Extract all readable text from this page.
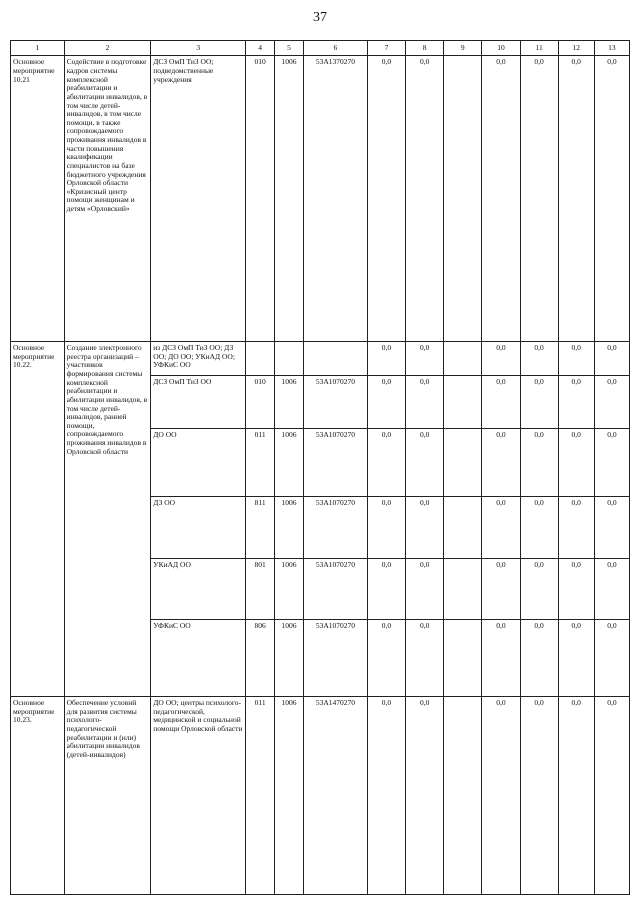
37
1	2	3	4	5	6	7	8	9	10	11	12	13
Основное мероприятие 10.21	Содействие в подготовке кадров системы комплексной реабилитации и абилитации инвалидов, в том числе детей-инвалидов, в том числе помощи, в также сопровождаемого проживания инвалидов в части повышения квалификации специалистов на базе бюджетного учреждения Орловской области «Кризисный центр помощи женщинам и детям «Орловский»	ДСЗ ОмП ТиЗ ОО; подведомственные учреждения	010	1006	53А1370270	0,0	0,0		0,0	0,0	0,0	0,0
Основное мероприятие 10.22.	Создание электронного реестра организаций – участников формирования системы комплексной реабилитации и абилитации инвалидов, в том числе детей-инвалидов, ранней помощи, сопровождаемого проживания инвалидов в Орловской области	из ДСЗ ОмП ТиЗ ОО; ДЗ ОО; ДО ОО; УКиАД ОО; УФКиС ОО				0,0	0,0		0,0	0,0	0,0	0,0
		ДСЗ ОмП ТиЗ ОО	010	1006	53А1070270	0,0	0,0		0,0	0,0	0,0	0,0
		ДО ОО	011	1006	53А1070270	0,0	0,0		0,0	0,0	0,0	0,0
		ДЗ ОО	811	1006	53А1070270	0,0	0,0		0,0	0,0	0,0	0,0
		УКиАД ОО	801	1006	53А1070270	0,0	0,0		0,0	0,0	0,0	0,0
		УФКиС ОО	806	1006	53А1070270	0,0	0,0		0,0	0,0	0,0	0,0
Основное мероприятие 10.23.	Обеспечение условий для развития системы психолого-педагогической реабилитации и (или) абилитации инвалидов (детей-инвалидов)	ДО ОО; центры психолого-педагогической, медицинской и социальной помощи Орловской области	011	1006	53А1470270	0,0	0,0		0,0	0,0	0,0	0,0
